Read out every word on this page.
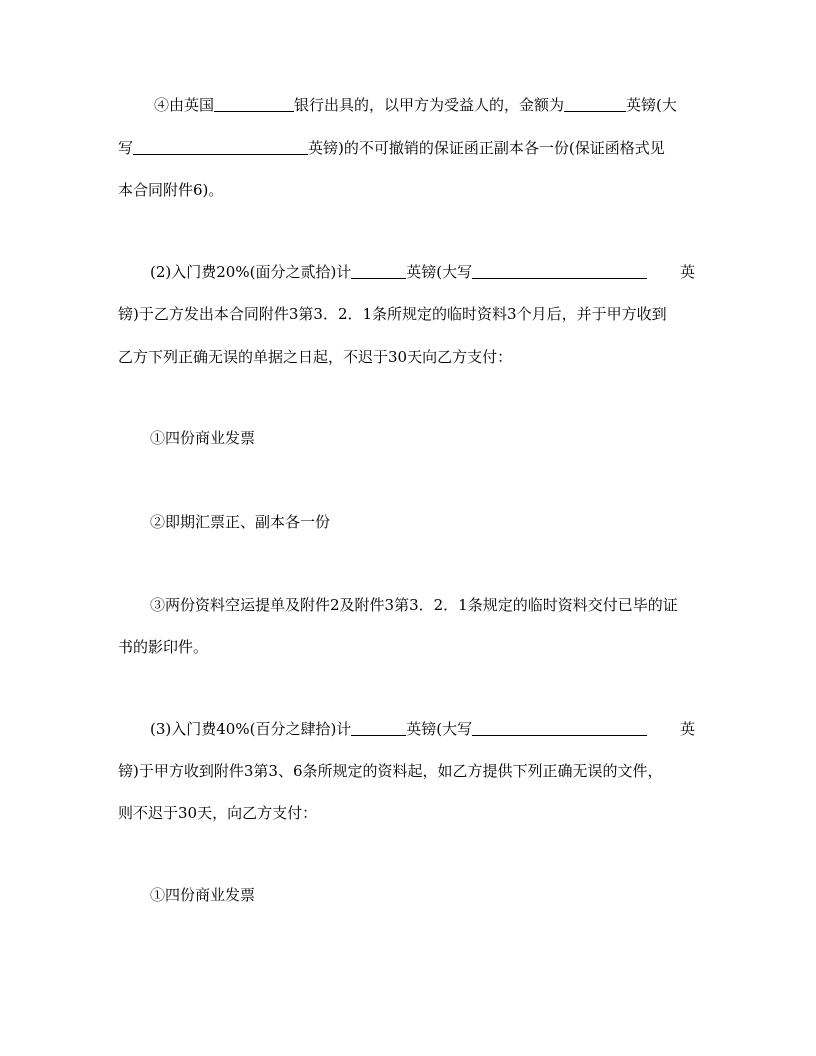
④由英国	银行出具的，以甲方为受益人的，金额为	英镑(大
写	英镑)的不可撤销的保证函正副本各一份(保证函格式见
本合同附件6)。
(2)入门费20%(面分之贰拾)计	英镑(大写	英
镑)于乙方发出本合同附件3第3．2．1条所规定的临时资料3个月后，并于甲方收到
乙方下列正确无误的单据之日起，不迟于30天向乙方支付：
①四份商业发票
②即期汇票正、副本各一份
③两份资料空运提单及附件2及附件3第3．2．1条规定的临时资料交付已毕的证
书的影印件。
(3)入门费40%(百分之肆拾)计	英镑(大写	英
镑)于甲方收到附件3第3、6条所规定的资料起，如乙方提供下列正确无误的文件，
则不迟于30天，向乙方支付：
①四份商业发票
